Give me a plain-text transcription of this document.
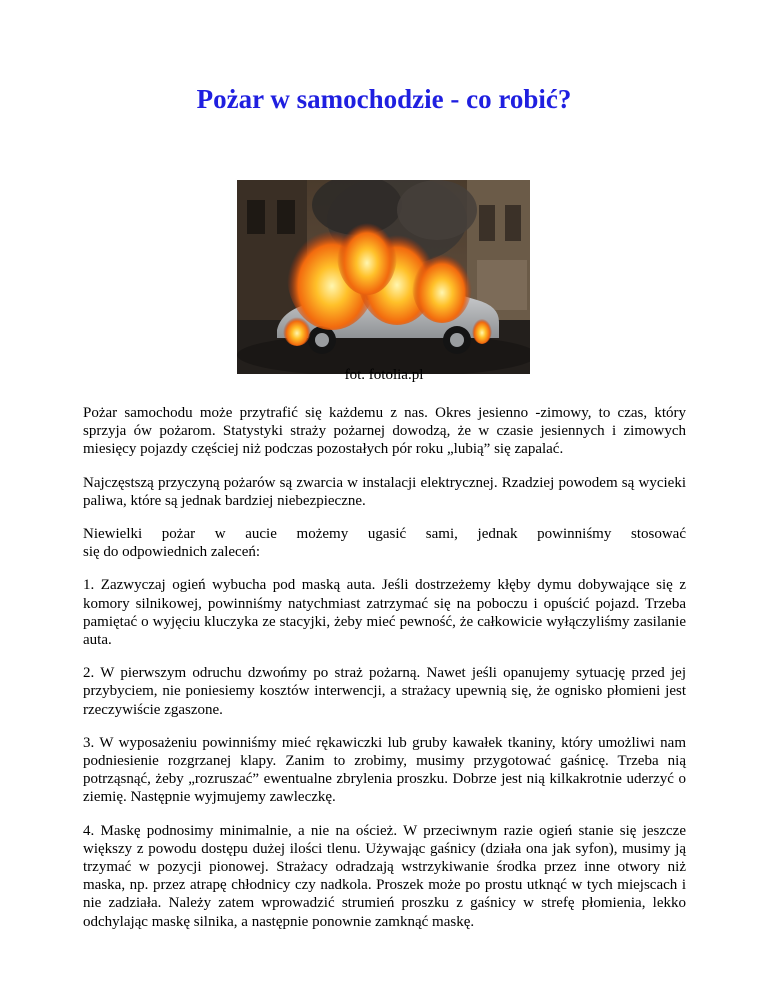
Pożar w samochodzie - co robić?
fot. fotolia.pl

Pożar samochodu może przytrafić się każdemu z nas. Okres jesienno -zimowy, to czas, który sprzyja ów pożarom. Statystyki straży pożarnej dowodzą, że w czasie jesiennych i zimowych miesięcy pojazdy częściej niż podczas pozostałych pór roku „lubią” się zapalać.

Najczęstszą przyczyną pożarów są zwarcia w instalacji elektrycznej. Rzadziej powodem są wycieki paliwa, które są jednak bardziej niebezpieczne.

Niewielki pożar w aucie możemy ugasić sami, jednak powinniśmy stosować

się do odpowiednich zaleceń:

1. Zazwyczaj ogień wybucha pod maską auta. Jeśli dostrzeżemy kłęby dymu dobywające się z komory silnikowej, powinniśmy natychmiast zatrzymać się na poboczu i opuścić pojazd. Trzeba pamiętać o wyjęciu kluczyka ze stacyjki, żeby mieć pewność, że całkowicie wyłączyliśmy zasilanie auta.

2. W pierwszym odruchu dzwońmy po straż pożarną. Nawet jeśli opanujemy sytuację przed jej przybyciem, nie poniesiemy kosztów interwencji, a strażacy upewnią się, że ognisko płomieni jest rzeczywiście zgaszone.

3. W wyposażeniu powinniśmy mieć rękawiczki lub gruby kawałek tkaniny, który umożliwi nam podniesienie rozgrzanej klapy. Zanim to zrobimy, musimy przygotować gaśnicę. Trzeba nią potrząsnąć, żeby „rozruszać” ewentualne zbrylenia proszku. Dobrze jest nią kilkakrotnie uderzyć o ziemię. Następnie wyjmujemy zawleczkę.

4. Maskę podnosimy minimalnie, a nie na oścież. W przeciwnym razie ogień stanie się jeszcze większy z powodu dostępu dużej ilości tlenu. Używając gaśnicy (działa ona jak syfon), musimy ją trzymać w pozycji pionowej. Strażacy odradzają wstrzykiwanie środka przez inne otwory niż maska, np. przez atrapę chłodnicy czy nadkola. Proszek może po prostu utknąć w tych miejscach i nie zadziała. Należy zatem wprowadzić strumień proszku z gaśnicy w strefę płomienia, lekko odchylając maskę silnika, a następnie ponownie zamknąć maskę.
